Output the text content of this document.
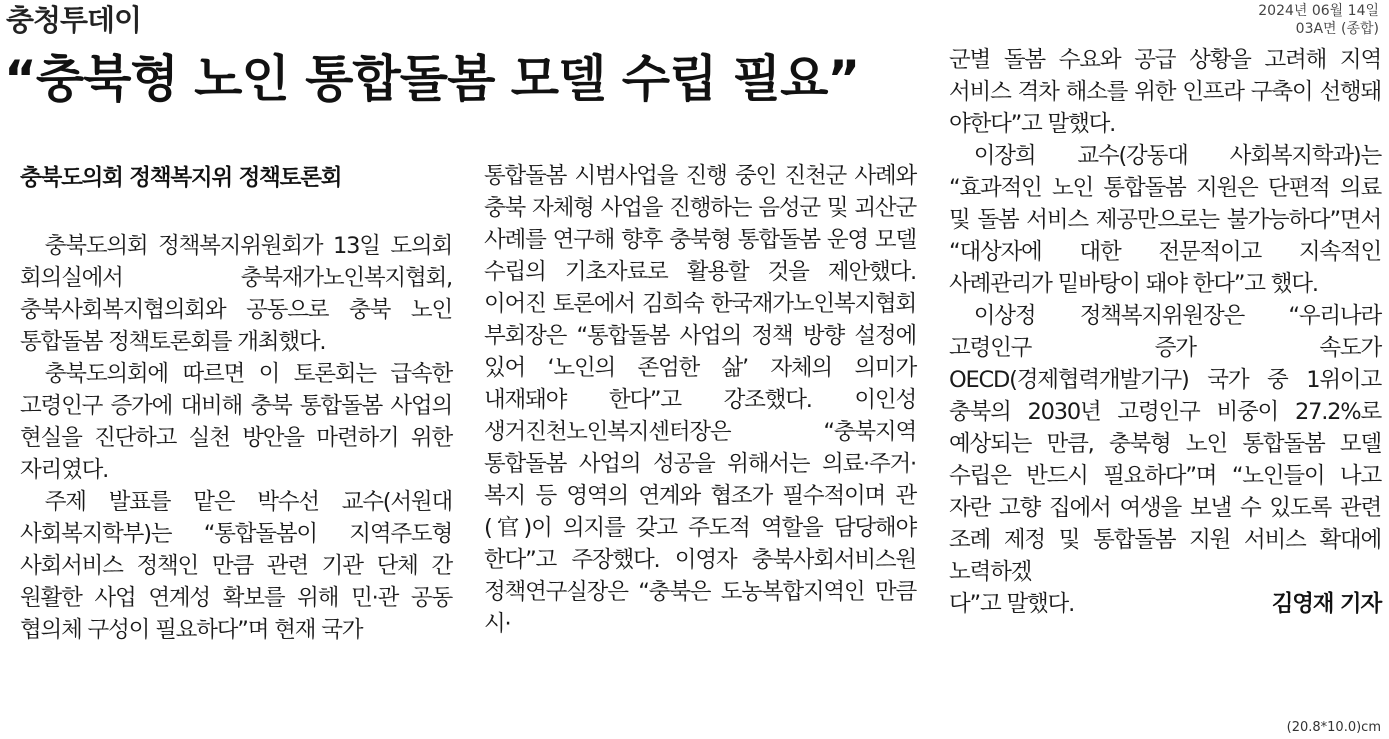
충청투데이	2024년 06월 14일
03A면 (종합)
“충북형 노인 통합돌봄 모델 수립 필요”
충북도의회 정책복지위 정책토론회

충북도의회 정책복지위원회가 13일 도의회 회의실에서 충북재가노인복지협회, 충북사회복지협의회와 공동으로 충북 노인 통합돌봄 정책토론회를 개최했다.

충북도의회에 따르면 이 토론회는 급속한 고령인구 증가에 대비해 충북 통합돌봄 사업의 현실을 진단하고 실천 방안을 마련하기 위한 자리였다.

주제 발표를 맡은 박수선 교수(서원대 사회복지학부)는 “통합돌봄이 지역주도형 사회서비스 정책인 만큼 관련 기관 단체 간 원활한 사업 연계성 확보를 위해 민·관 공동 협의체 구성이 필요하다”며 현재 국가

통합돌봄 시범사업을 진행 중인 진천군 사례와 충북 자체형 사업을 진행하는 음성군 및 괴산군 사례를 연구해 향후 충북형 통합돌봄 운영 모델 수립의 기초자료로 활용할 것을 제안했다. 이어진 토론에서 김희숙 한국재가노인복지협회 부회장은 “통합돌봄 사업의 정책 방향 설정에 있어 ‘노인의 존엄한 삶’ 자체의 의미가 내재돼야 한다”고 강조했다. 이인성 생거진천노인복지센터장은 “충북지역 통합돌봄 사업의 성공을 위해서는 의료·주거·복지 등 영역의 연계와 협조가 필수적이며 관(官)이 의지를 갖고 주도적 역할을 담당해야 한다”고 주장했다. 이영자 충북사회서비스원 정책연구실장은 “충북은 도농복합지역인 만큼 시·

군별 돌봄 수요와 공급 상황을 고려해 지역 서비스 격차 해소를 위한 인프라 구축이 선행돼 야한다”고 말했다.

이장희 교수(강동대 사회복지학과)는 “효과적인 노인 통합돌봄 지원은 단편적 의료 및 돌봄 서비스 제공만으로는 불가능하다”면서 “대상자에 대한 전문적이고 지속적인 사례관리가 밑바탕이 돼야 한다”고 했다.

이상정 정책복지위원장은 “우리나라 고령인구 증가 속도가 OECD(경제협력개발기구) 국가 중 1위이고 충북의 2030년 고령인구 비중이 27.2%로 예상되는 만큼, 충북형 노인 통합돌봄 모델 수립은 반드시 필요하다”며 “노인들이 나고 자란 고향 집에서 여생을 보낼 수 있도록 관련 조례 제정 및 통합돌봄 지원 서비스 확대에 노력하겠

다”고 말했다.	김영재 기자
(20.8*10.0)cm
